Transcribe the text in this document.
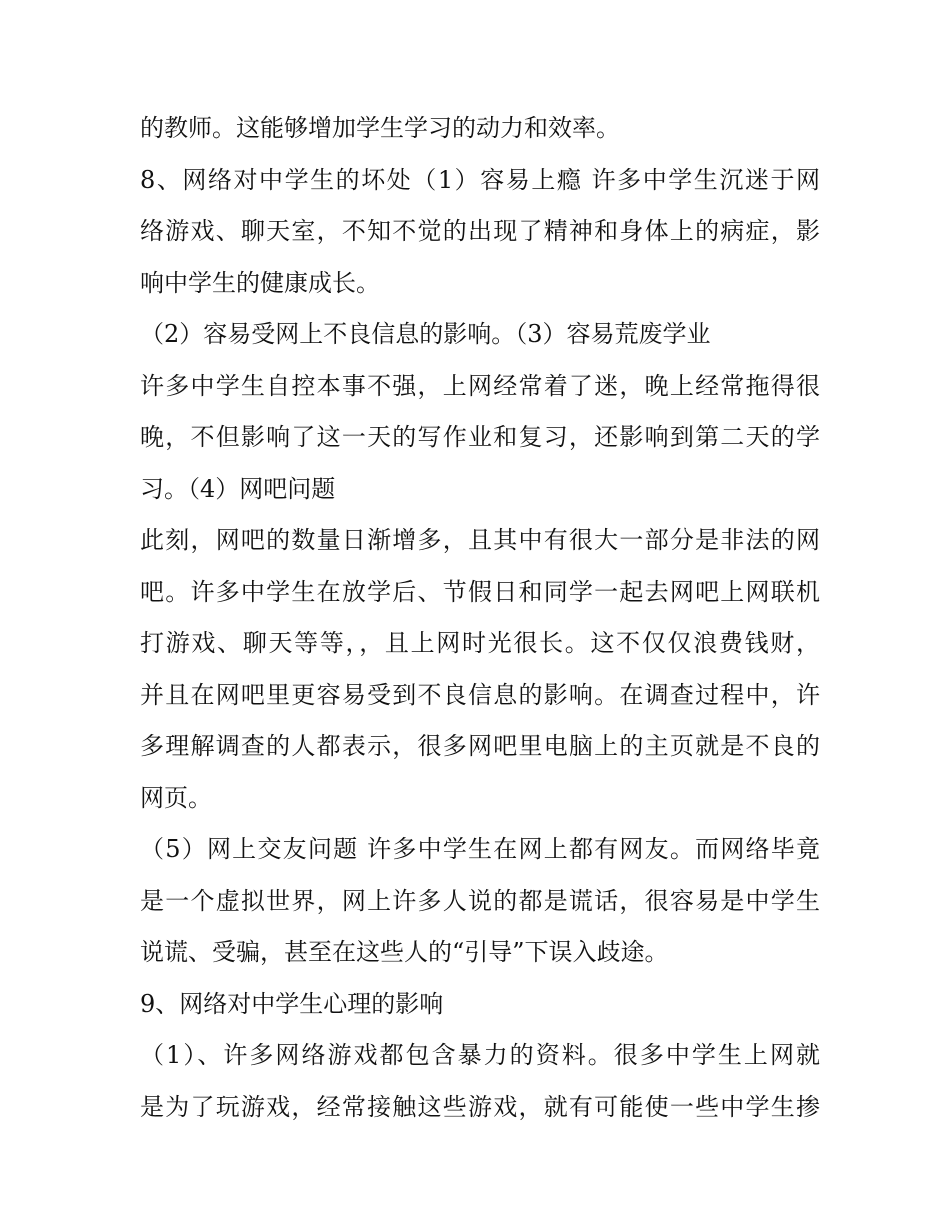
的教师。这能够增加学生学习的动力和效率。
8、网络对中学生的坏处（1）容易上瘾 许多中学生沉迷于网
络游戏、聊天室，不知不觉的出现了精神和身体上的病症，影
响中学生的健康成长。
（2）容易受网上不良信息的影响。（3）容易荒废学业
许多中学生自控本事不强，上网经常着了迷，晚上经常拖得很
晚，不但影响了这一天的写作业和复习，还影响到第二天的学
习。（4）网吧问题
此刻，网吧的数量日渐增多，且其中有很大一部分是非法的网
吧。许多中学生在放学后、节假日和同学一起去网吧上网联机
打游戏、聊天等等，，且上网时光很长。这不仅仅浪费钱财，
并且在网吧里更容易受到不良信息的影响。在调查过程中，许
多理解调查的人都表示，很多网吧里电脑上的主页就是不良的
网页。
（5）网上交友问题 许多中学生在网上都有网友。而网络毕竟
是一个虚拟世界，网上许多人说的都是谎话，很容易是中学生
说谎、受骗，甚至在这些人的“引导”下误入歧途。
9、网络对中学生心理的影响
（1）、许多网络游戏都包含暴力的资料。很多中学生上网就
是为了玩游戏，经常接触这些游戏，就有可能使一些中学生掺
